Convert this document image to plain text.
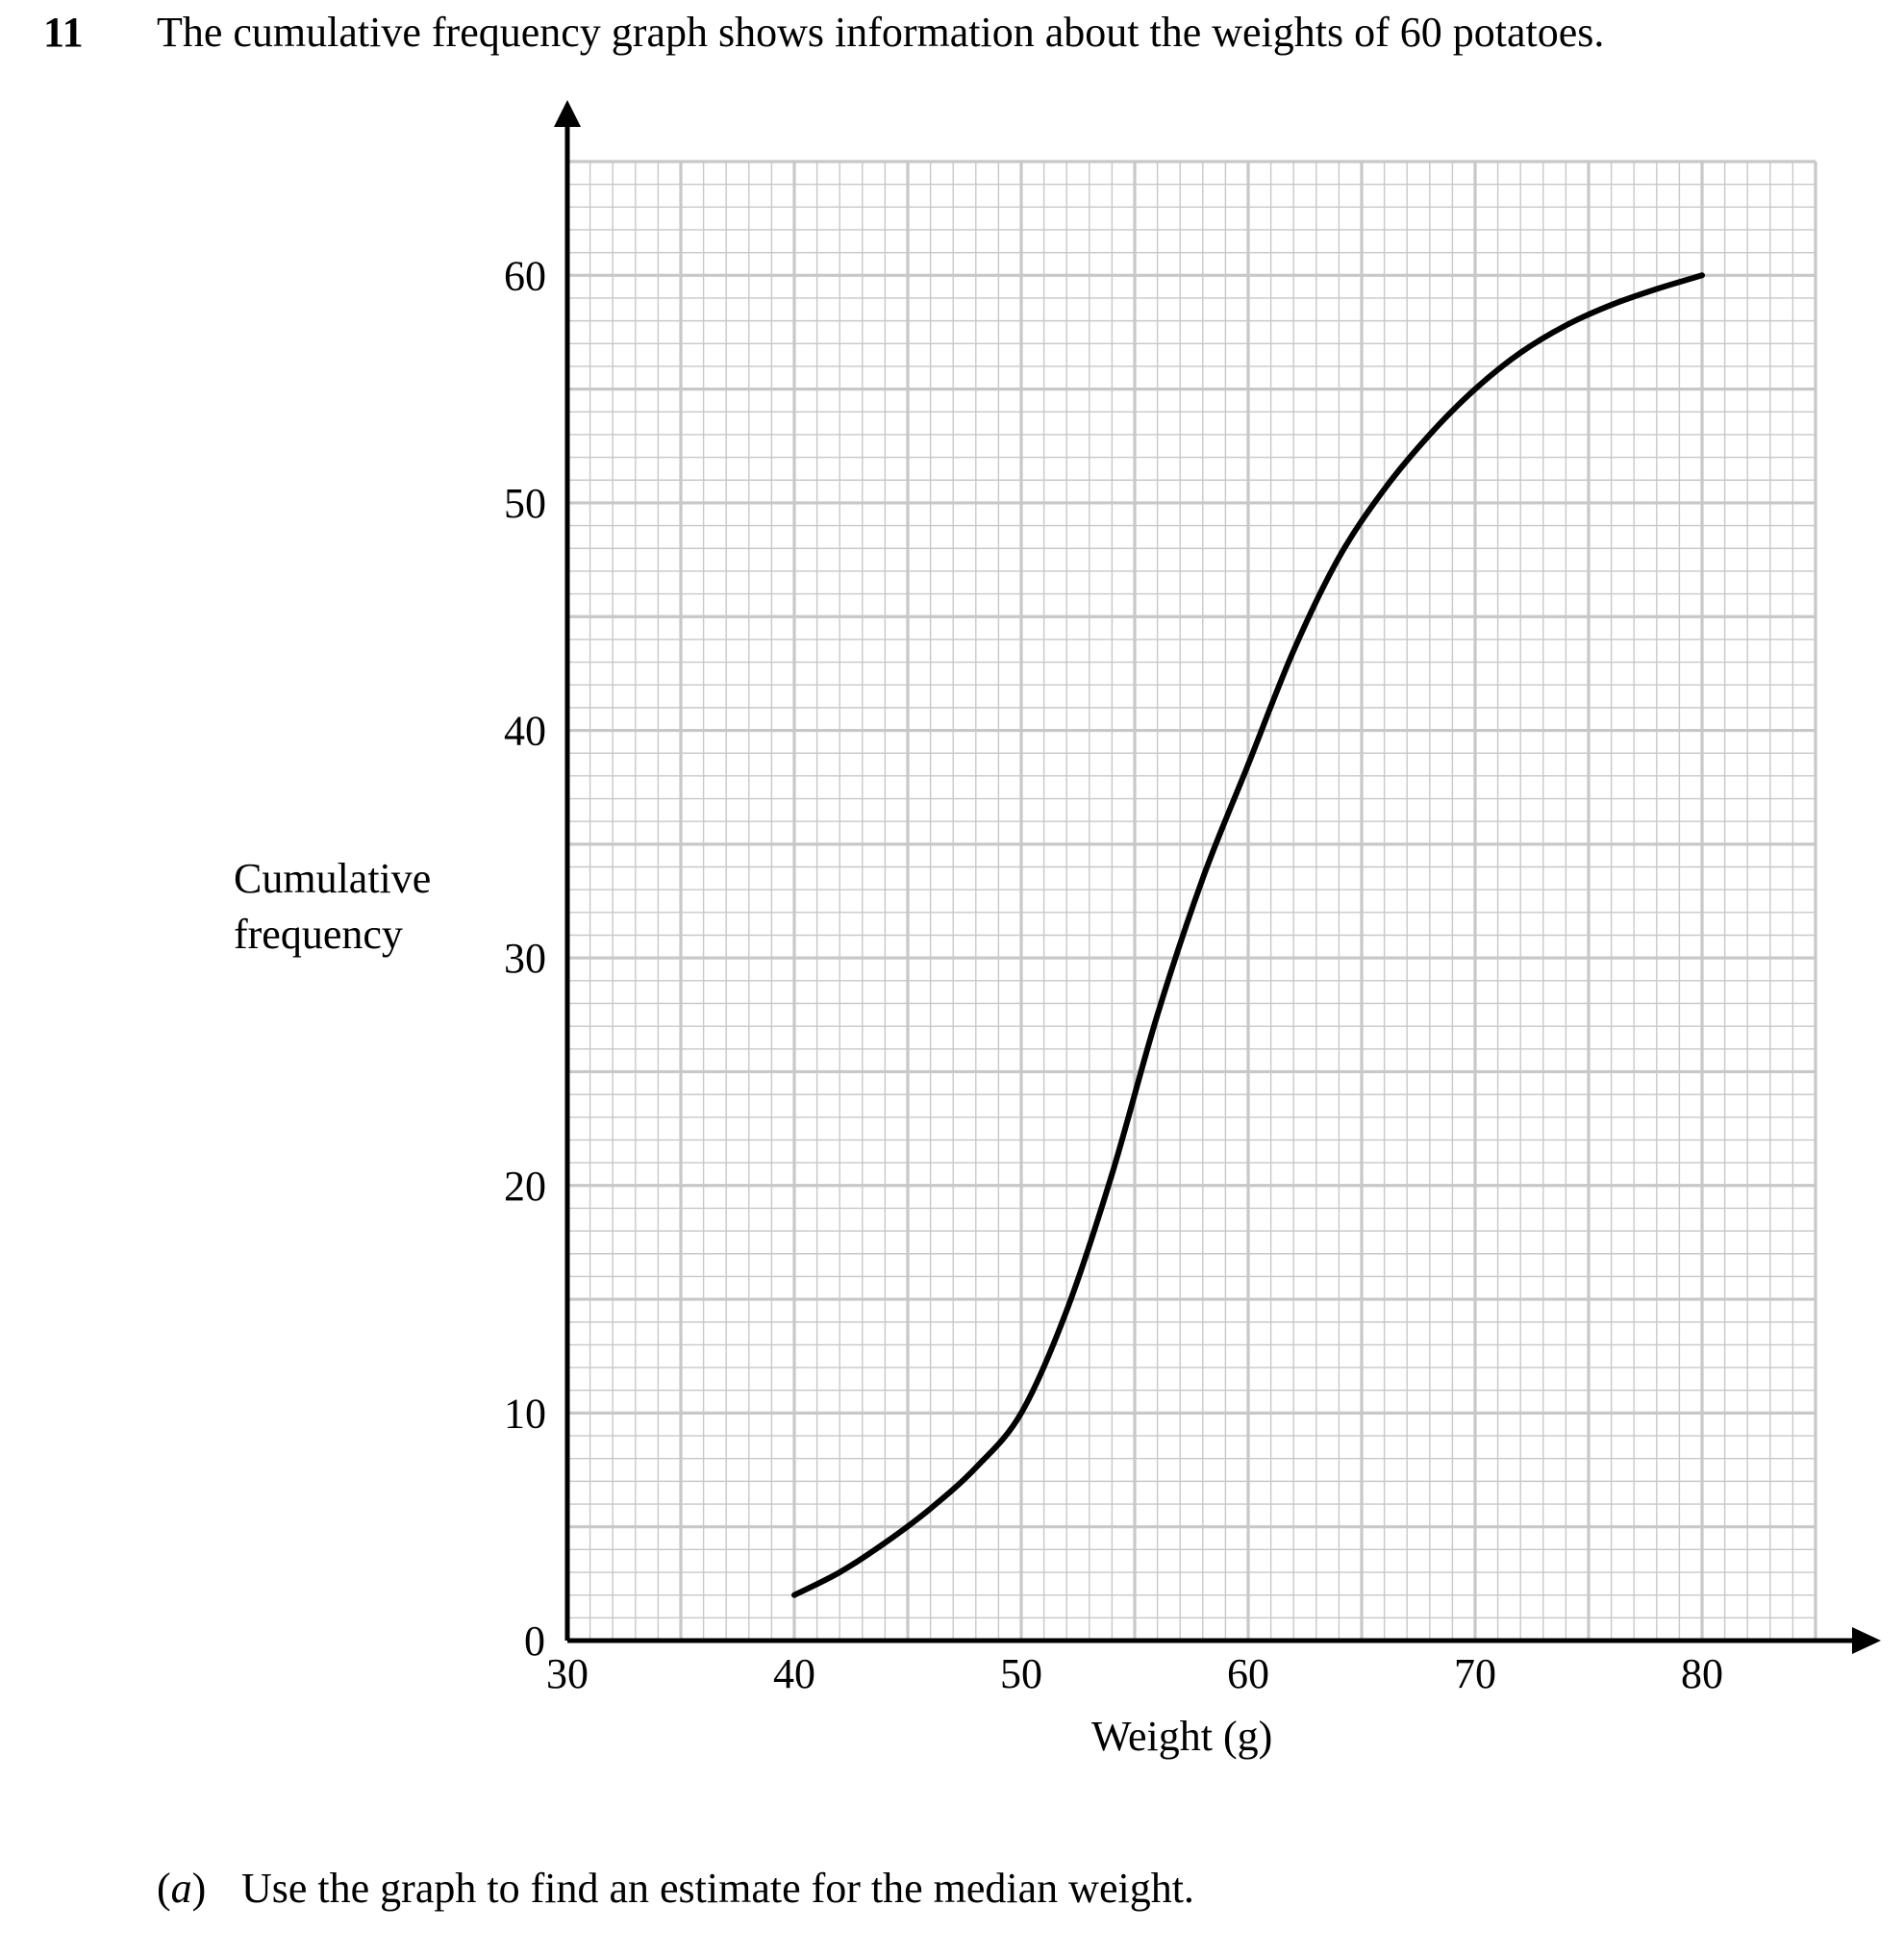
11 The cumulative frequency graph shows information about the weights of 60 potatoes.
30	40	50	60	70	80
0
10
20
30
40
50
60
Cumulative
frequency
Weight (g)
(a) Use the graph to find an estimate for the median weight.
